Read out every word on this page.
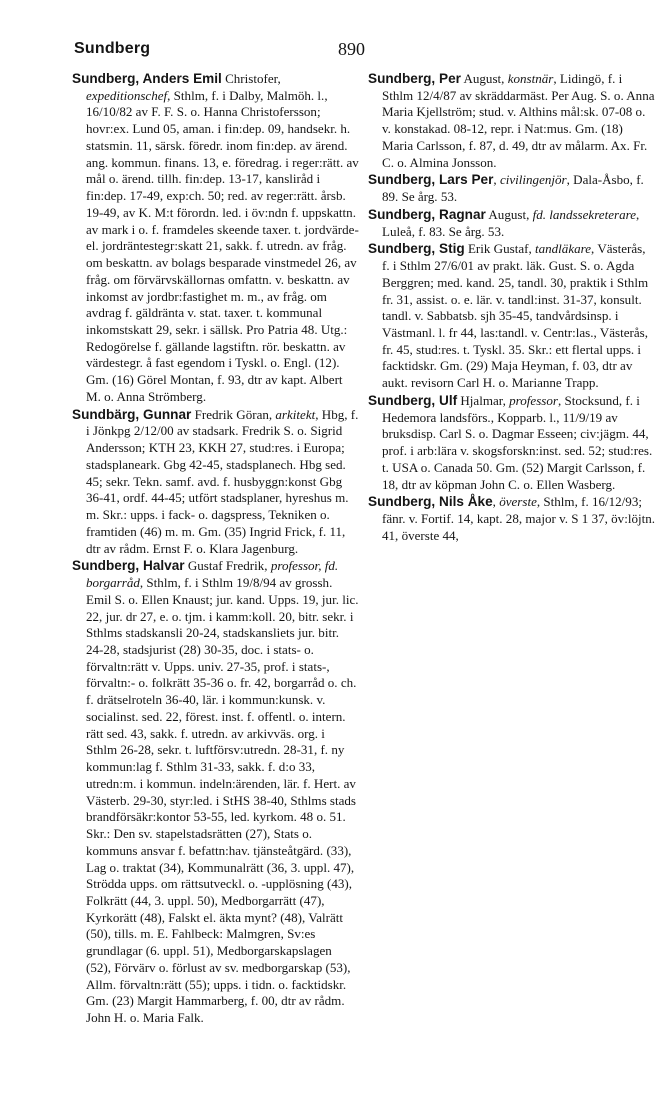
Sundberg	890

Sundberg, Anders Emil Christofer, expeditionschef, Sthlm, f. i Dalby, Malmöh. l., 16/10/82 av F. F. S. o. Hanna Christofersson; hovr:ex. Lund 05, aman. i fin:dep. 09, handsekr. h. statsmin. 11, särsk. föredr. inom fin:dep. av ärend. ang. kommun. finans. 13, e. föredrag. i reger:rätt. av mål o. ärend. tillh. fin:dep. 13-17, kansliråd i fin:dep. 17-49, exp:ch. 50; red. av reger:rätt. årsb. 19-49, av K. M:t förordn. led. i öv:ndn f. uppskattn. av mark i o. f. framdeles skeende taxer. t. jordvärde- el. jordräntestegr:skatt 21, sakk. f. utredn. av fråg. om beskattn. av bolags besparade vinstmedel 26, av fråg. om förvärvskällornas omfattn. v. beskattn. av inkomst av jordbr:fastighet m. m., av fråg. om avdrag f. gäldränta v. stat. taxer. t. kommunal inkomstskatt 29, sekr. i sällsk. Pro Patria 48. Utg.: Redogörelse f. gällande lagstiftn. rör. beskattn. av värdestegr. å fast egendom i Tyskl. o. Engl. (12). Gm. (16) Görel Montan, f. 93, dtr av kapt. Albert M. o. Anna Strömberg.

Sundbärg, Gunnar Fredrik Göran, arkitekt, Hbg, f. i Jönkpg 2/12/00 av stadsark. Fredrik S. o. Sigrid Andersson; KTH 23, KKH 27, stud:res. i Europa; stadsplaneark. Gbg 42-45, stadsplanech. Hbg sed. 45; sekr. Tekn. samf. avd. f. husbyggn:konst Gbg 36-41, ordf. 44-45; utfört stadsplaner, hyreshus m. m. Skr.: upps. i fack- o. dagspress, Tekniken o. framtiden (46) m. m. Gm. (35) Ingrid Frick, f. 11, dtr av rådm. Ernst F. o. Klara Jagenburg.

Sundberg, Halvar Gustaf Fredrik, professor, fd. borgarråd, Sthlm, f. i Sthlm 19/8/94 av grossh. Emil S. o. Ellen Knaust; jur. kand. Upps. 19, jur. lic. 22, jur. dr 27, e. o. tjm. i kamm:koll. 20, bitr. sekr. i Sthlms stadskansli 20-24, stadskansliets jur. bitr. 24-28, stadsjurist (28) 30-35, doc. i stats- o. förvaltn:rätt v. Upps. univ. 27-35, prof. i stats-, förvaltn:- o. folkrätt 35-36 o. fr. 42, borgarråd o. ch. f. drätselroteln 36-40, lär. i kommun:kunsk. v. socialinst. sed. 22, förest. inst. f. offentl. o. intern. rätt sed. 43, sakk. f. utredn. av arkivväs. org. i Sthlm 26-28, sekr. t. luftförsv:utredn. 28-31, f. ny kommun:lag f. Sthlm 31-33, sakk. f. d:o 33, utredn:m. i kommun. indeln:ärenden, lär. f. Hert. av Västerb. 29-30, styr:led. i StHS 38-40, Sthlms stads brandförsäkr:kontor 53-55, led. kyrkom. 48 o. 51. Skr.: Den sv. stapelstadsrätten (27), Stats o. kommuns ansvar f. befattn:hav. tjänsteåtgärd. (33), Lag o. traktat (34), Kommunalrätt (36, 3. uppl. 47), Strödda upps. om rättsutveckl. o. -upplösning (43), Folkrätt (44, 3. uppl. 50), Medborgarrätt (47), Kyrkorätt (48), Falskt el. äkta mynt? (48), Valrätt (50), tills. m. E. Fahlbeck: Malmgren, Sv:es grundlagar (6. uppl. 51), Medborgarskapslagen (52), Förvärv o. förlust av sv. medborgarskap (53), Allm. förvaltn:rätt (55); upps. i tidn. o. facktidskr. Gm. (23) Margit Hammarberg, f. 00, dtr av rådm. John H. o. Maria Falk.

Sundberg, Per August, konstnär, Lidingö, f. i Sthlm 12/4/87 av skräddarmäst. Per Aug. S. o. Anna Maria Kjellström; stud. v. Althins mål:sk. 07-08 o. v. konstakad. 08-12, repr. i Nat:mus. Gm. (18) Maria Carlsson, f. 87, d. 49, dtr av målarm. Ax. Fr. C. o. Almina Jonsson.

Sundberg, Lars Per, civilingenjör, Dala-Åsbo, f. 89. Se årg. 53.

Sundberg, Ragnar August, fd. landssekreterare, Luleå, f. 83. Se årg. 53.

Sundberg, Stig Erik Gustaf, tandläkare, Västerås, f. i Sthlm 27/6/01 av prakt. läk. Gust. S. o. Agda Berggren; med. kand. 25, tandl. 30, praktik i Sthlm fr. 31, assist. o. e. lär. v. tandl:inst. 31-37, konsult. tandl. v. Sabbatsb. sjh 35-45, tandvårdsinsp. i Västmanl. l. fr 44, las:tandl. v. Centr:las., Västerås, fr. 45, stud:res. t. Tyskl. 35. Skr.: ett flertal upps. i facktidskr. Gm. (29) Maja Heyman, f. 03, dtr av aukt. revisorn Carl H. o. Marianne Trapp.

Sundberg, Ulf Hjalmar, professor, Stocksund, f. i Hedemora landsförs., Kopparb. l., 11/9/19 av bruksdisp. Carl S. o. Dagmar Esseen; civ:jägm. 44, prof. i arb:lära v. skogsforskn:inst. sed. 52; stud:res. t. USA o. Canada 50. Gm. (52) Margit Carlsson, f. 18, dtr av köpman John C. o. Ellen Wasberg.

Sundberg, Nils Åke, överste, Sthlm, f. 16/12/93; fänr. v. Fortif. 14, kapt. 28, major v. S 1 37, öv:löjtn. 41, överste 44,
